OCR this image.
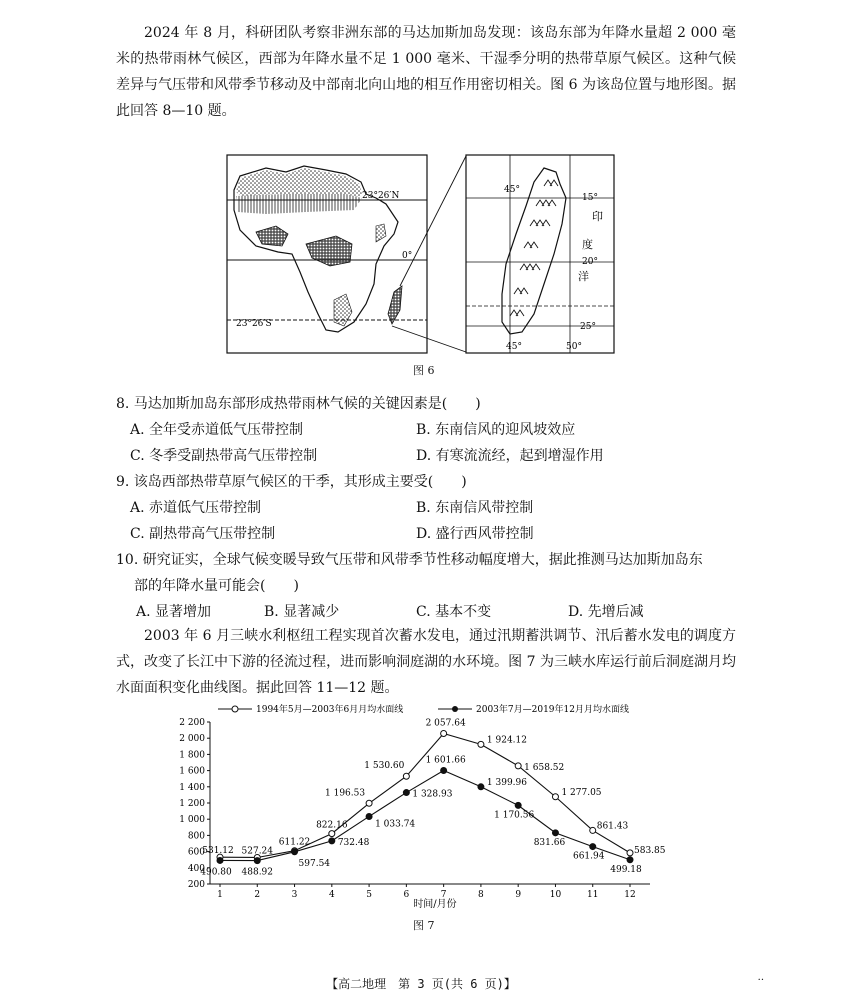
2024 年 8 月，科研团队考察非洲东部的马达加斯加岛发现：该岛东部为年降水量超 2 000 毫米的热带雨林气候区，西部为年降水量不足 1 000 毫米、干湿季分明的热带草原气候区。这种气候差异与气压带和风带季节移动及中部南北向山地的相互作用密切相关。图 6 为该岛位置与地形图。据此回答 8—10 题。

23°26′N
0°
23°26′S
45°
15°
印
度
20°
洋
25°
45°	50°
图 6
8. 马达加斯加岛东部形成热带雨林气候的关键因素是(　　)
A. 全年受赤道低气压带控制	B. 东南信风的迎风坡效应
C. 冬季受副热带高气压带控制	D. 有寒流流经，起到增湿作用
9. 该岛西部热带草原气候区的干季，其形成主要受(　　)
A. 赤道低气压带控制	B. 东南信风带控制
C. 副热带高气压带控制	D. 盛行西风带控制
10. 研究证实，全球气候变暖导致气压带和风带季节性移动幅度增大，据此推测马达加斯加岛东
部的年降水量可能会(　　)
A. 显著增加	B. 显著减少	C. 基本不变	D. 先增后减

2003 年 6 月三峡水利枢纽工程实现首次蓄水发电，通过汛期蓄洪调节、汛后蓄水发电的调度方式，改变了长江中下游的径流过程，进而影响洞庭湖的水环境。图 7 为三峡水库运行前后洞庭湖月均水面面积变化曲线图。据此回答 11—12 题。

1994年5月—2003年6月月均水面线	2003年7月—2019年12月月均水面线
200
400
600
800
1 000
1 200
1 400
1 600
1 800
2 000
2 200
1	2	3	4	5	6	7	8	9	10	11	12
531.12 527.24
611.22
822.16
1 196.53
1 530.60
2 057.64
1 924.12
1 658.52
1 277.05
861.43
583.85
490.80 488.92
597.54
732.48
1 033.74
1 328.93
1 601.66
1 399.96
1 170.56
831.66
661.94
499.18
时间/月份
图 7
【高二地理　第 3 页(共 6 页)】	··
